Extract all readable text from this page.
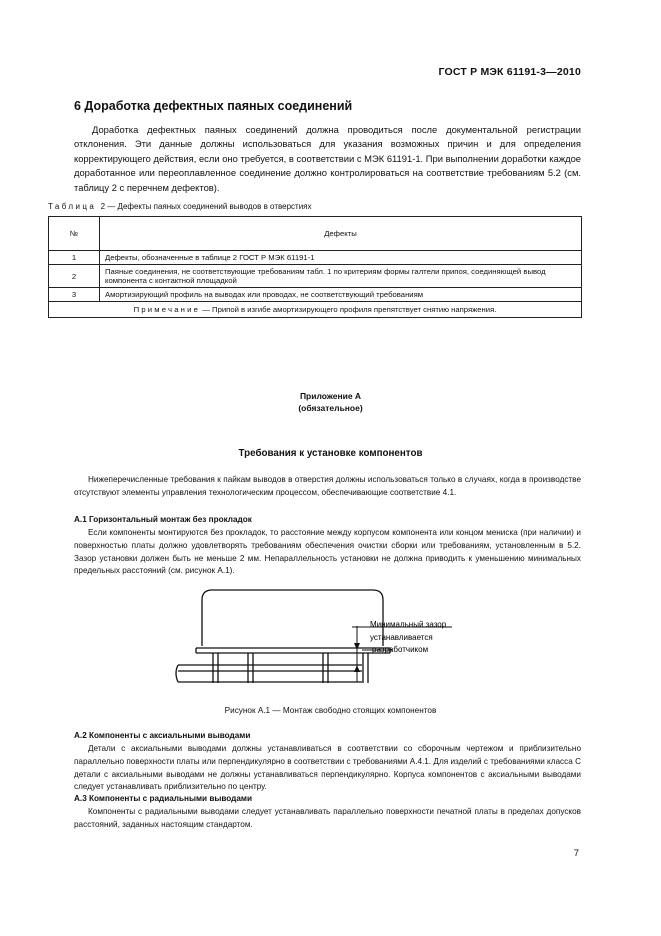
ГОСТ Р МЭК 61191-3—2010
6 Доработка дефектных паяных соединений
Доработка дефектных паяных соединений должна проводиться после документальной регистрации отклонения. Эти данные должны использоваться для указания возможных причин и для определения корректирующего действия, если оно требуется, в соответствии с МЭК 61191-1. При выполнении доработки каждое доработанное или переоплавленное соединение должно контролироваться на соответствие требованиям 5.2 (см. таблицу 2 с перечнем дефектов).
Таблица 2 — Дефекты паяных соединений выводов в отверстиях
№	Дефекты
1	Дефекты, обозначенные в таблице 2 ГОСТ Р МЭК 61191-1
2	Паяные соединения, не соответствующие требованиям табл. 1 по критериям формы галтели припоя, соединяющей вывод компонента с контактной площадкой
3	Амортизирующий профиль на выводах или проводах, не соответствующий требованиям
Примечание — Припой в изгибе амортизирующего профиля препятствует снятию напряжения.	
Приложение А
(обязательное)
Требования к установке компонентов
Нижеперечисленные требования к пайкам выводов в отверстия должны использоваться только в случаях, когда в производстве отсутствуют элементы управления технологическим процессом, обеспечивающие соответствие 4.1.
А.1 Горизонтальный монтаж без прокладок
Если компоненты монтируются без прокладок, то расстояние между корпусом компонента или концом мениска (при наличии) и поверхностью платы должно удовлетворять требованиям обеспечения очистки сборки или требованиям, установленным в 5.2. Зазор установки должен быть не меньше 2 мм. Непараллельность установки не должна приводить к уменьшению минимальных предельных расстояний (см. рисунок А.1).
Минимальный зазор
устанавливается
разработчиком
Рисунок А.1 — Монтаж свободно стоящих компонентов
А.2 Компоненты с аксиальными выводами
Детали с аксиальными выводами должны устанавливаться в соответствии со сборочным чертежом и приблизительно параллельно поверхности платы или перпендикулярно в соответствии с требованиями А.4.1. Для изделий с требованиями класса С детали с аксиальными выводами не должны устанавливаться перпендикулярно. Корпуса компонентов с аксиальными выводами следует устанавливать приблизительно по центру.
А.3 Компоненты с радиальными выводами
Компоненты с радиальными выводами следует устанавливать параллельно поверхности печатной платы в пределах допусков расстояний, заданных настоящим стандартом.
7
